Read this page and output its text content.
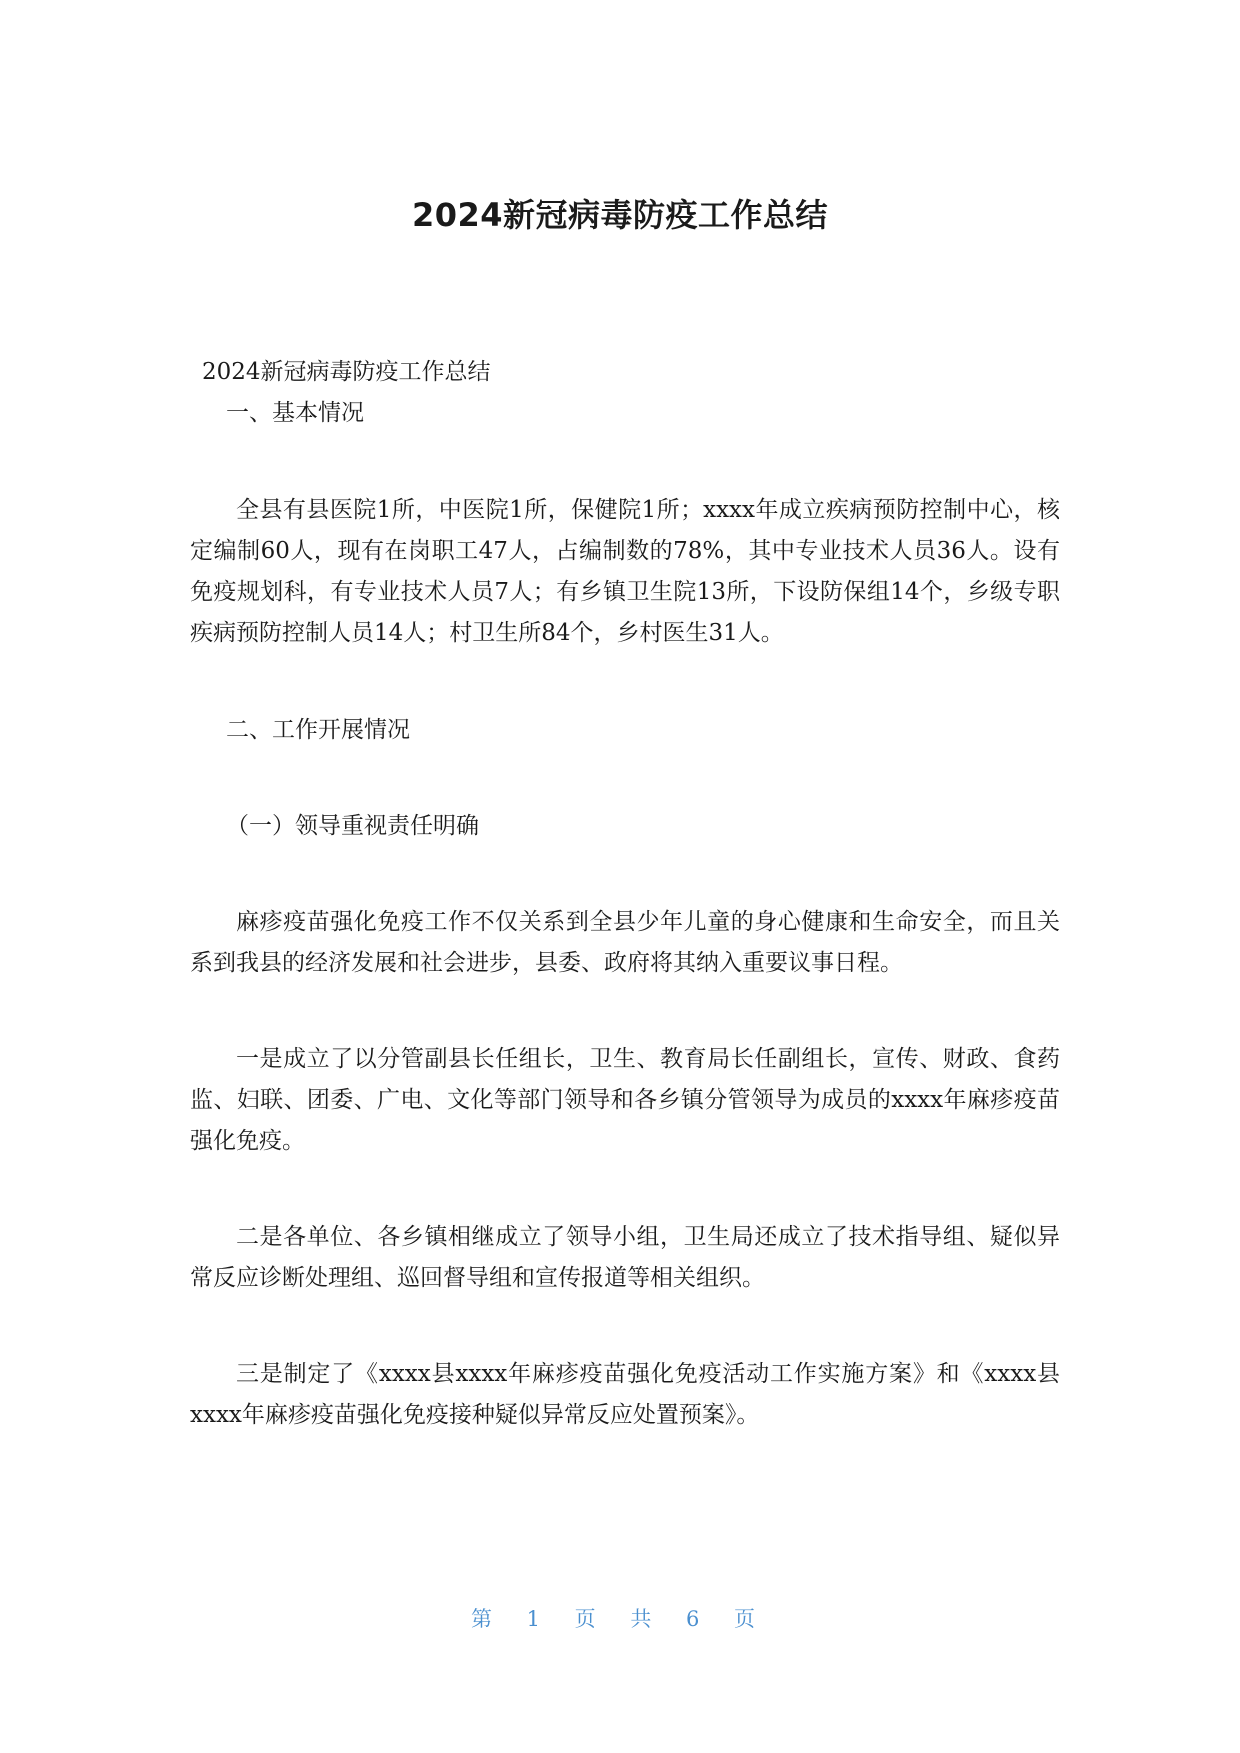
2024新冠病毒防疫工作总结

2024新冠病毒防疫工作总结

一、基本情况

全县有县医院1所，中医院1所，保健院1所；xxxx年成立疾病预防控制中心，核定编制60人，现有在岗职工47人，占编制数的78%，其中专业技术人员36人。设有免疫规划科，有专业技术人员7人；有乡镇卫生院13所，下设防保组14个，乡级专职疾病预防控制人员14人；村卫生所84个，乡村医生31人。

二、工作开展情况

（一）领导重视责任明确

麻疹疫苗强化免疫工作不仅关系到全县少年儿童的身心健康和生命安全，而且关系到我县的经济发展和社会进步，县委、政府将其纳入重要议事日程。

一是成立了以分管副县长任组长，卫生、教育局长任副组长，宣传、财政、食药监、妇联、团委、广电、文化等部门领导和各乡镇分管领导为成员的xxxx年麻疹疫苗强化免疫。

二是各单位、各乡镇相继成立了领导小组，卫生局还成立了技术指导组、疑似异常反应诊断处理组、巡回督导组和宣传报道等相关组织。

三是制定了《xxxx县xxxx年麻疹疫苗强化免疫活动工作实施方案》和《xxxx县xxxx年麻疹疫苗强化免疫接种疑似异常反应处置预案》。

第 1 页 共 6 页
